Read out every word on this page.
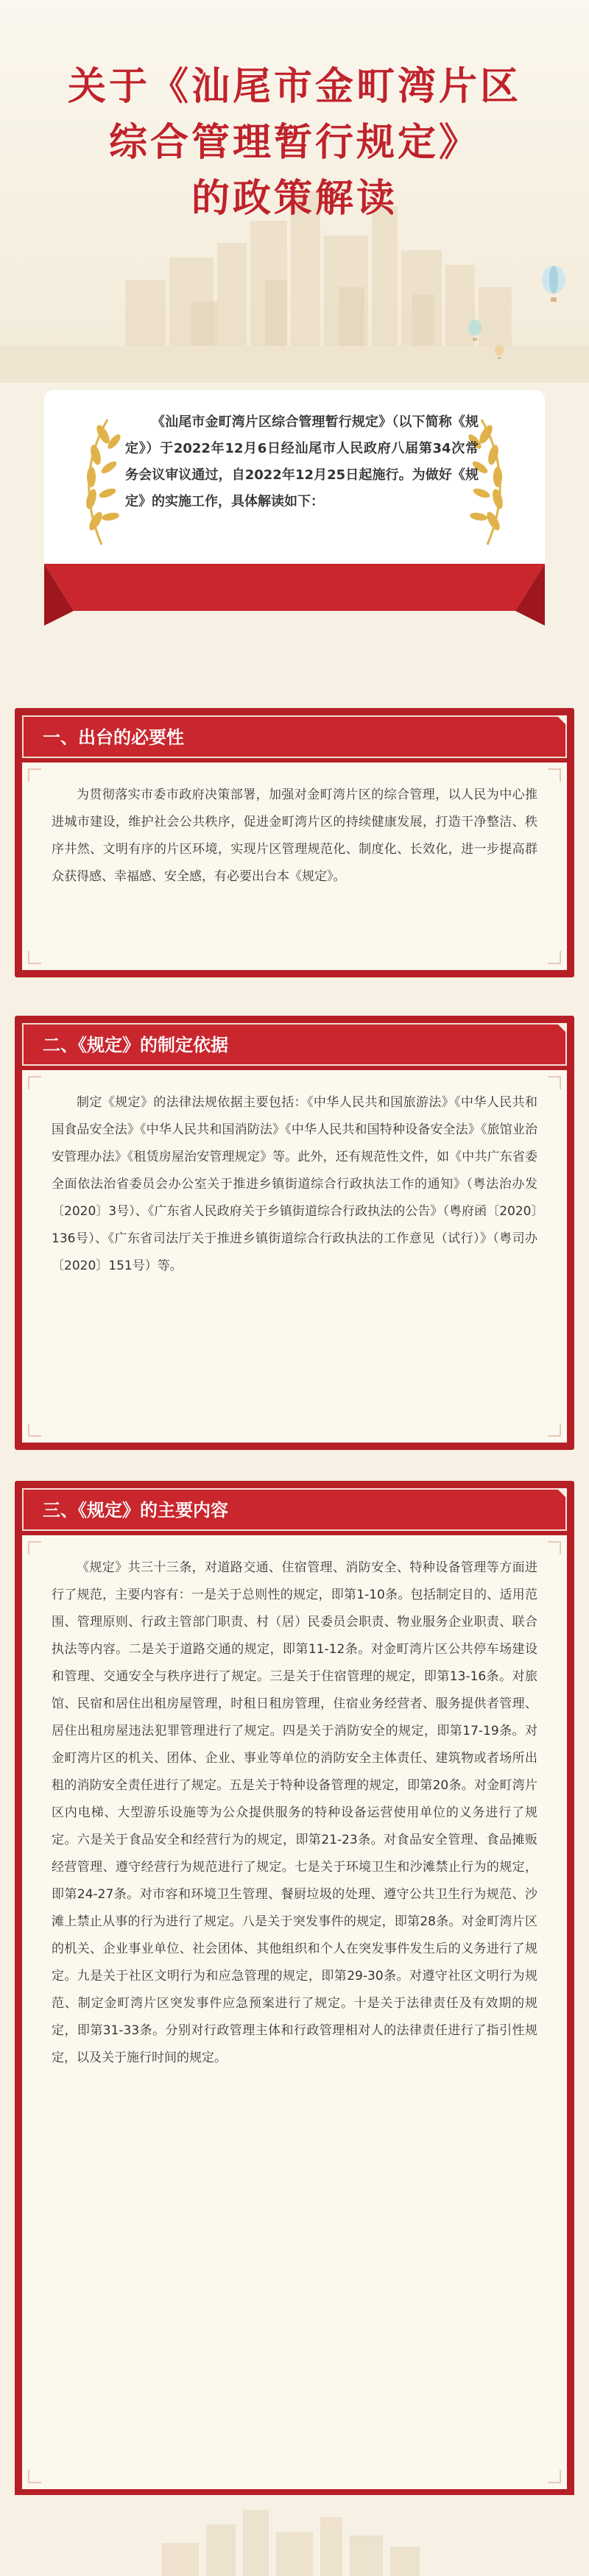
关于《汕尾市金町湾片区
综合管理暂行规定》
的政策解读
《汕尾市金町湾片区综合管理暂行规定》（以下简称《规定》）于2022年12月6日经汕尾市人民政府八届第34次常务会议审议通过，自2022年12月25日起施行。为做好《规定》的实施工作，具体解读如下：
一、出台的必要性

为贯彻落实市委市政府决策部署，加强对金町湾片区的综合管理，以人民为中心推进城市建设，维护社会公共秩序，促进金町湾片区的持续健康发展，打造干净整洁、秩序井然、文明有序的片区环境，实现片区管理规范化、制度化、长效化，进一步提高群众获得感、幸福感、安全感，有必要出台本《规定》。

二、《规定》的制定依据

制定《规定》的法律法规依据主要包括：《中华人民共和国旅游法》《中华人民共和国食品安全法》《中华人民共和国消防法》《中华人民共和国特种设备安全法》《旅馆业治安管理办法》《租赁房屋治安管理规定》等。此外，还有规范性文件，如《中共广东省委全面依法治省委员会办公室关于推进乡镇街道综合行政执法工作的通知》（粤法治办发〔2020〕3号）、《广东省人民政府关于乡镇街道综合行政执法的公告》（粤府函〔2020〕136号）、《广东省司法厅关于推进乡镇街道综合行政执法的工作意见（试行）》（粤司办〔2020〕151号）等。

三、《规定》的主要内容

《规定》共三十三条，对道路交通、住宿管理、消防安全、特种设备管理等方面进行了规范，主要内容有：一是关于总则性的规定，即第1-10条。包括制定目的、适用范围、管理原则、行政主管部门职责、村（居）民委员会职责、物业服务企业职责、联合执法等内容。二是关于道路交通的规定，即第11-12条。对金町湾片区公共停车场建设和管理、交通安全与秩序进行了规定。三是关于住宿管理的规定，即第13-16条。对旅馆、民宿和居住出租房屋管理，时租日租房管理，住宿业务经营者、服务提供者管理、居住出租房屋违法犯罪管理进行了规定。四是关于消防安全的规定，即第17-19条。对金町湾片区的机关、团体、企业、事业等单位的消防安全主体责任、建筑物或者场所出租的消防安全责任进行了规定。五是关于特种设备管理的规定，即第20条。对金町湾片区内电梯、大型游乐设施等为公众提供服务的特种设备运营使用单位的义务进行了规定。六是关于食品安全和经营行为的规定，即第21-23条。对食品安全管理、食品摊贩经营管理、遵守经营行为规范进行了规定。七是关于环境卫生和沙滩禁止行为的规定，即第24-27条。对市容和环境卫生管理、餐厨垃圾的处理、遵守公共卫生行为规范、沙滩上禁止从事的行为进行了规定。八是关于突发事件的规定，即第28条。对金町湾片区的机关、企业事业单位、社会团体、其他组织和个人在突发事件发生后的义务进行了规定。九是关于社区文明行为和应急管理的规定，即第29-30条。对遵守社区文明行为规范、制定金町湾片区突发事件应急预案进行了规定。十是关于法律责任及有效期的规定，即第31-33条。分别对行政管理主体和行政管理相对人的法律责任进行了指引性规定，以及关于施行时间的规定。
